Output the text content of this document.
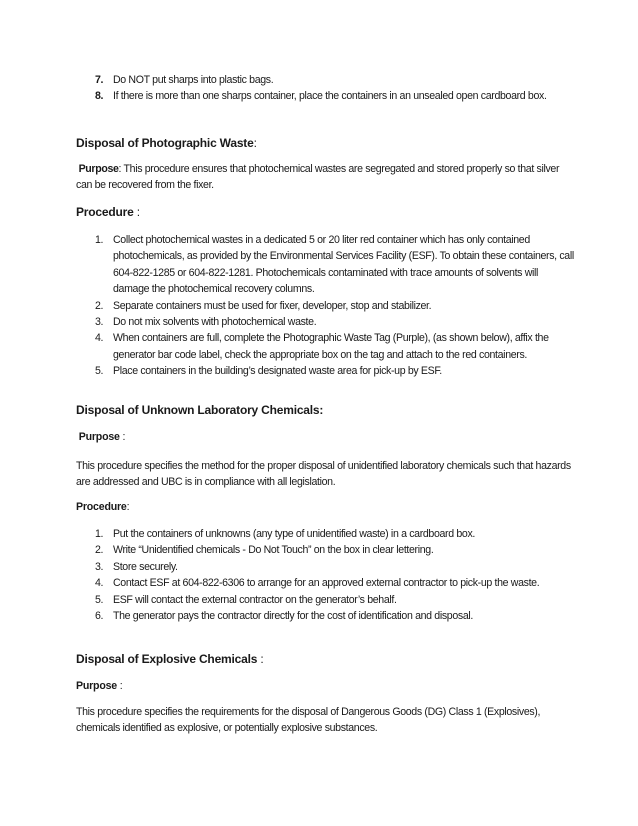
7. Do NOT put sharps into plastic bags.
8. If there is more than one sharps container, place the containers in an unsealed open cardboard box.
Disposal of Photographic Waste:
Purpose: This procedure ensures that photochemical wastes are segregated and stored properly so that silver can be recovered from the fixer.
Procedure :
1. Collect photochemical wastes in a dedicated 5 or 20 liter red container which has only contained photochemicals, as provided by the Environmental Services Facility (ESF). To obtain these containers, call 604-822-1285 or 604-822-1281. Photochemicals contaminated with trace amounts of solvents will damage the photochemical recovery columns.
2. Separate containers must be used for fixer, developer, stop and stabilizer.
3. Do not mix solvents with photochemical waste.
4. When containers are full, complete the Photographic Waste Tag (Purple), (as shown below), affix the generator bar code label, check the appropriate box on the tag and attach to the red containers.
5. Place containers in the building’s designated waste area for pick-up by ESF.
Disposal of Unknown Laboratory Chemicals:
Purpose :
This procedure specifies the method for the proper disposal of unidentified laboratory chemicals such that hazards are addressed and UBC is in compliance with all legislation.
Procedure:
1. Put the containers of unknowns (any type of unidentified waste) in a cardboard box.
2. Write “Unidentified chemicals - Do Not Touch” on the box in clear lettering.
3. Store securely.
4. Contact ESF at 604-822-6306 to arrange for an approved external contractor to pick-up the waste.
5. ESF will contact the external contractor on the generator’s behalf.
6. The generator pays the contractor directly for the cost of identification and disposal.
Disposal of Explosive Chemicals :
Purpose :
This procedure specifies the requirements for the disposal of Dangerous Goods (DG) Class 1 (Explosives), chemicals identified as explosive, or potentially explosive substances.
